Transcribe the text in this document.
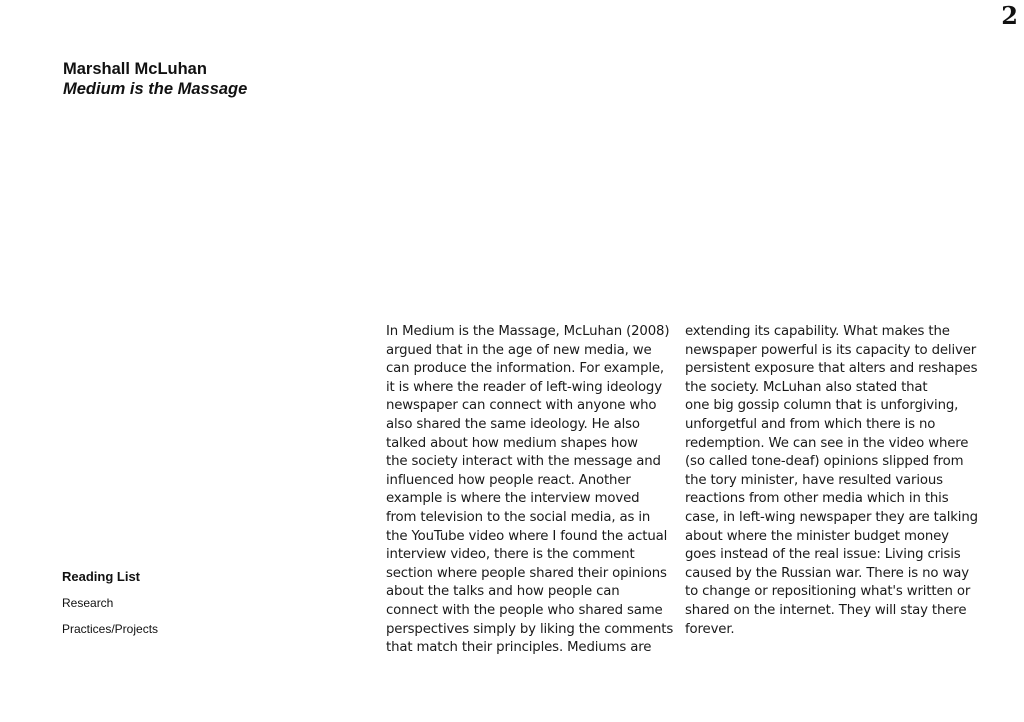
2
Marshall McLuhan
Medium is the Massage
Reading List
Research
Practices/Projects
In Medium is the Massage, McLuhan (2008)
argued that in the age of new media, we
can produce the information. For example,
it is where the reader of left-wing ideology
newspaper can connect with anyone who
also shared the same ideology. He also
talked about how medium shapes how
the society interact with the message and
influenced how people react. Another
example is where the interview moved
from television to the social media, as in
the YouTube video where I found the actual
interview video, there is the comment
section where people shared their opinions
about the talks and how people can
connect with the people who shared same
perspectives simply by liking the comments
that match their principles. Mediums are
extending its capability. What makes the
newspaper powerful is its capacity to deliver
persistent exposure that alters and reshapes
the society. McLuhan also stated that
one big gossip column that is unforgiving,
unforgetful and from which there is no
redemption. We can see in the video where
(so called tone-deaf) opinions slipped from
the tory minister, have resulted various
reactions from other media which in this
case, in left-wing newspaper they are talking
about where the minister budget money
goes instead of the real issue: Living crisis
caused by the Russian war. There is no way
to change or repositioning what's written or
shared on the internet. They will stay there
forever.
